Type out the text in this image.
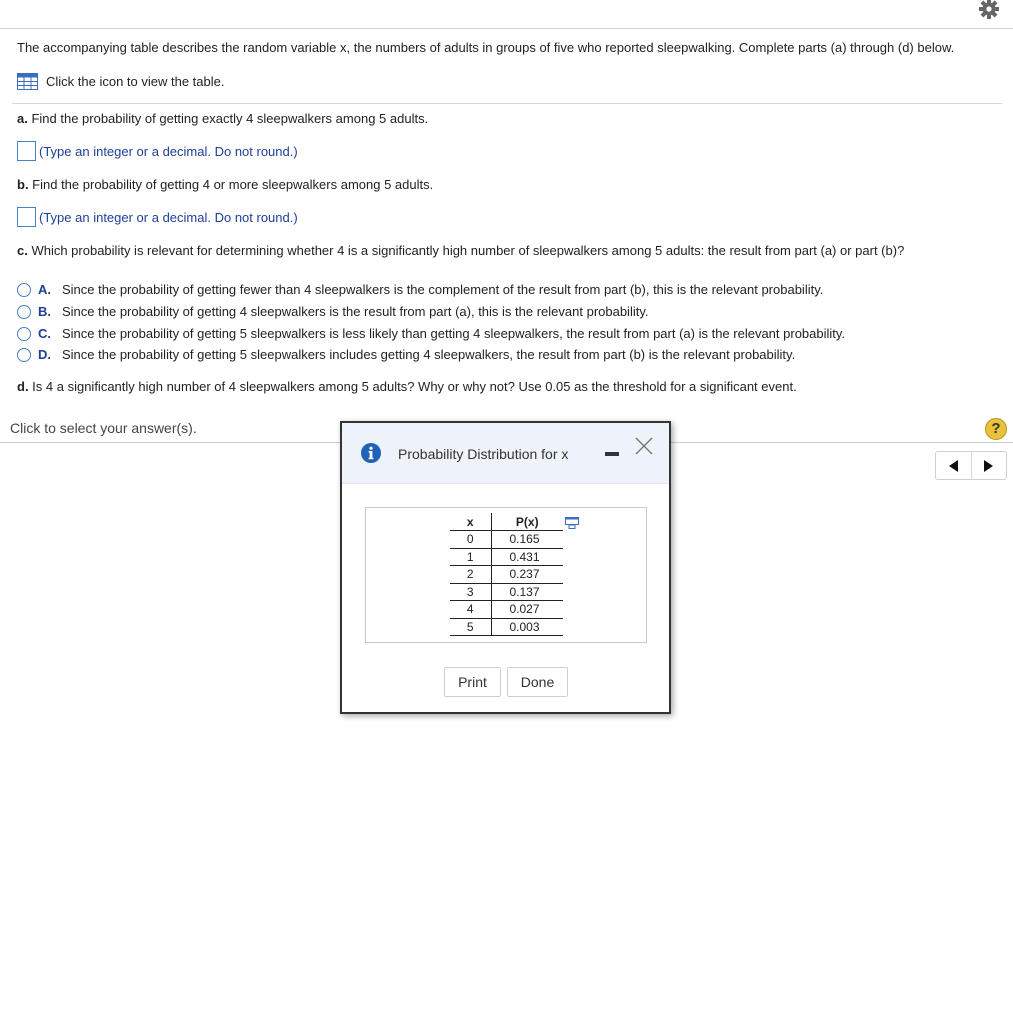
The accompanying table describes the random variable x, the numbers of adults in groups of five who reported sleepwalking. Complete parts (a) through (d) below.
Click the icon to view the table.
a. Find the probability of getting exactly 4 sleepwalkers among 5 adults.
(Type an integer or a decimal. Do not round.)
b. Find the probability of getting 4 or more sleepwalkers among 5 adults.
(Type an integer or a decimal. Do not round.)
c. Which probability is relevant for determining whether 4 is a significantly high number of sleepwalkers among 5 adults: the result from part (a) or part (b)?
A. Since the probability of getting fewer than 4 sleepwalkers is the complement of the result from part (b), this is the relevant probability.
B. Since the probability of getting 4 sleepwalkers is the result from part (a), this is the relevant probability.
C. Since the probability of getting 5 sleepwalkers is less likely than getting 4 sleepwalkers, the result from part (a) is the relevant probability.
D. Since the probability of getting 5 sleepwalkers includes getting 4 sleepwalkers, the result from part (b) is the relevant probability.
d. Is 4 a significantly high number of 4 sleepwalkers among 5 adults? Why or why not? Use 0.05 as the threshold for a significant event.
Click to select your answer(s).	?
Probability Distribution for x
x	P(x)
0	0.165
1	0.431
2	0.237
3	0.137
4	0.027
5	0.003
Print	Done
